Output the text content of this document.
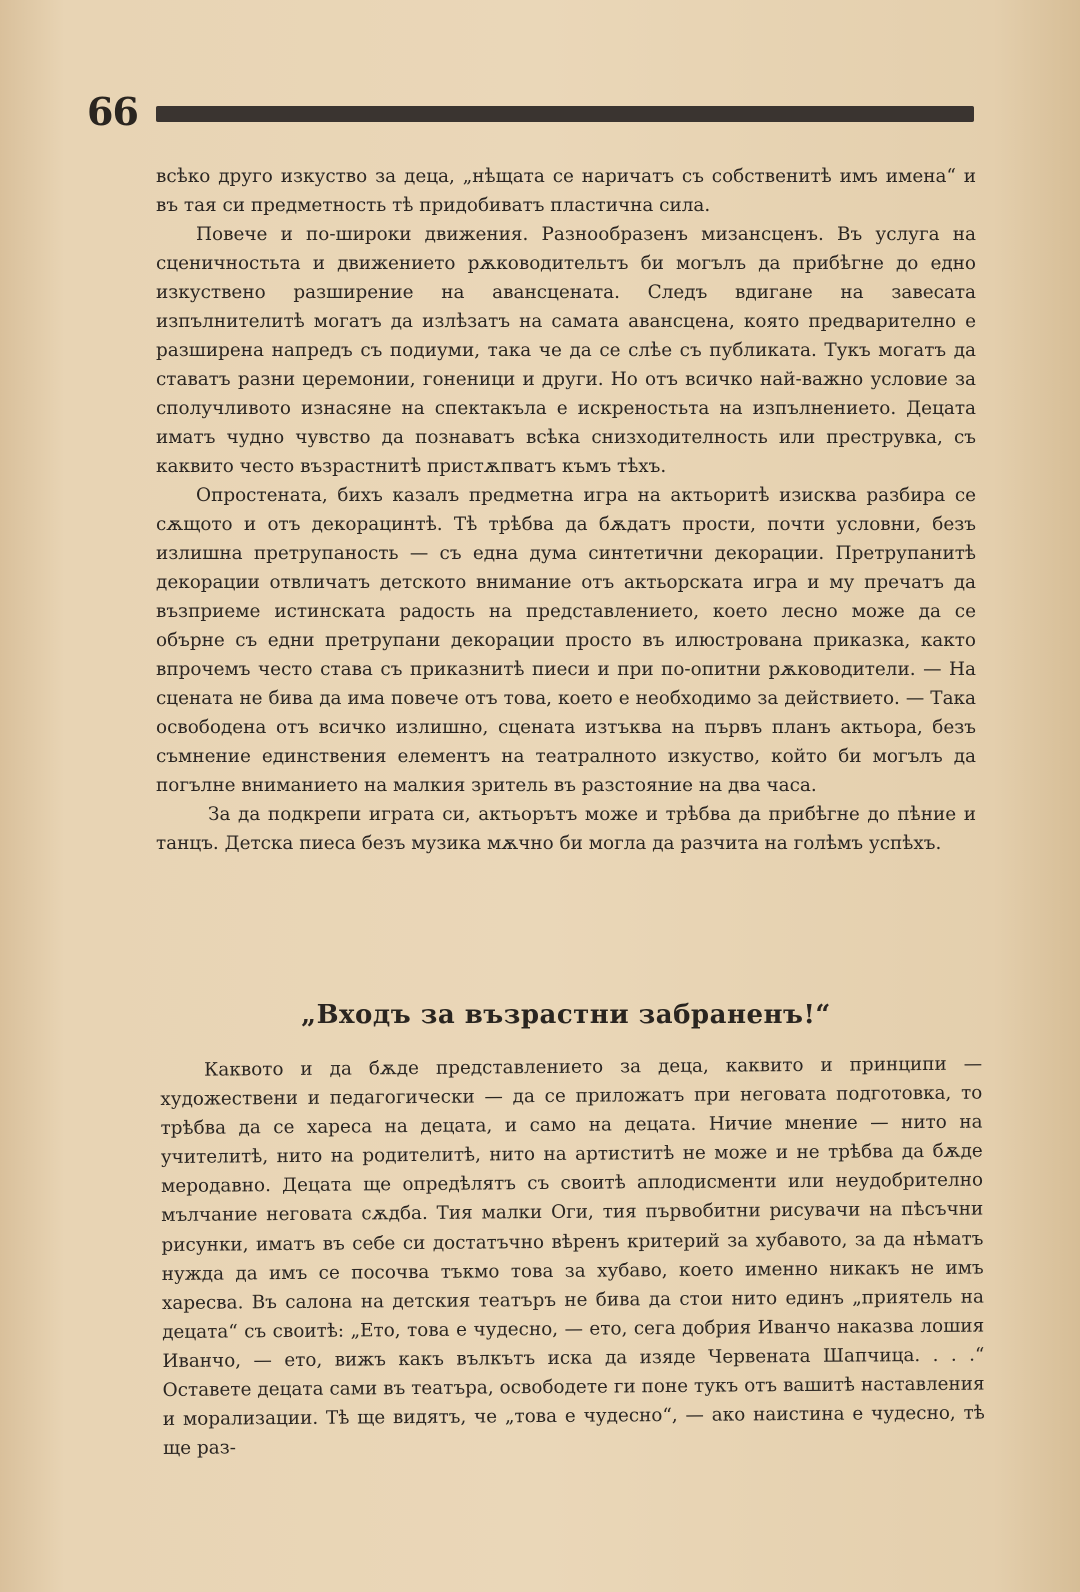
66

всѣко друго изкуство за деца, „нѣщата се наричатъ съ собственитѣ имъ имена“ и въ тая си предметность тѣ придобиватъ пластична сила.

Повече и по-широки движения. Разнообразенъ мизансценъ. Въ услуга на сценичностьта и движението рѫководительтъ би могълъ да прибѣгне до едно изкуствено разширение на авансцената. Следъ вдигане на завесата изпълнителитѣ могатъ да излѣзатъ на самата авансцена, която предварително е разширена напредъ съ подиуми, така че да се слѣе съ публиката. Тукъ могатъ да ставатъ разни церемонии, гоненици и други. Но отъ всичко най-важно условие за сполучливото изнасяне на спектакъла е искреностьта на изпълнението. Децата иматъ чудно чувство да познаватъ всѣка снизходителность или преструвка, съ каквито често възрастнитѣ пристѫпватъ къмъ тѣхъ.

Опростената, бихъ казалъ предметна игра на актьоритѣ изисква разбира се сѫщото и отъ декорацинтѣ. Тѣ трѣбва да бѫдатъ прости, почти условни, безъ излишна претрупаность — съ една дума синтетични декорации. Претрупанитѣ декорации отвличатъ детското внимание отъ актьорската игра и му пречатъ да възприеме истинската радость на представлението, което лесно може да се обърне съ едни претрупани декорации просто въ илюстрована приказка, както впрочемъ често става съ приказнитѣ пиеси и при по-опитни рѫководители. — На сцената не бива да има повече отъ това, което е необходимо за действието. — Така освободена отъ всичко излишно, сцената изтъква на първъ планъ актьора, безъ съмнение единствения елементъ на театралното изкуство, който би могълъ да погълне вниманието на малкия зритель въ разстояние на два часа.

За да подкрепи играта си, актьорътъ може и трѣбва да прибѣгне до пѣние и танцъ. Детска пиеса безъ музика мѫчно би могла да разчита на голѣмъ успѣхъ.

„Входъ за възрастни забраненъ!“

Каквото и да бѫде представлението за деца, каквито и принципи — художествени и педагогически — да се приложатъ при неговата подготовка, то трѣбва да се хареса на децата, и само на децата. Ничие мнение — нито на учителитѣ, нито на родителитѣ, нито на артиститѣ не може и не трѣбва да бѫде меродавно. Децата ще опредѣлятъ съ своитѣ аплодисменти или неудобрително мълчание неговата сѫдба. Тия малки Оги, тия първобитни рисувачи на пѣсъчни рисунки, иматъ въ себе си достатъчно вѣренъ критерий за хубавото, за да нѣматъ нужда да имъ се посочва тъкмо това за хубаво, което именно никакъ не имъ харесва. Въ салона на детския театъръ не бива да стои нито единъ „приятель на децата“ съ своитѣ: „Ето, това е чудесно, — ето, сега добрия Иванчо наказва лошия Иванчо, — ето, вижъ какъ вълкътъ иска да изяде Червената Шапчица. . . .“ Оставете децата сами въ театъра, освободете ги поне тукъ отъ вашитѣ наставления и морализации. Тѣ ще видятъ, че „това е чудесно“, — ако наистина е чудесно, тѣ ще раз-
